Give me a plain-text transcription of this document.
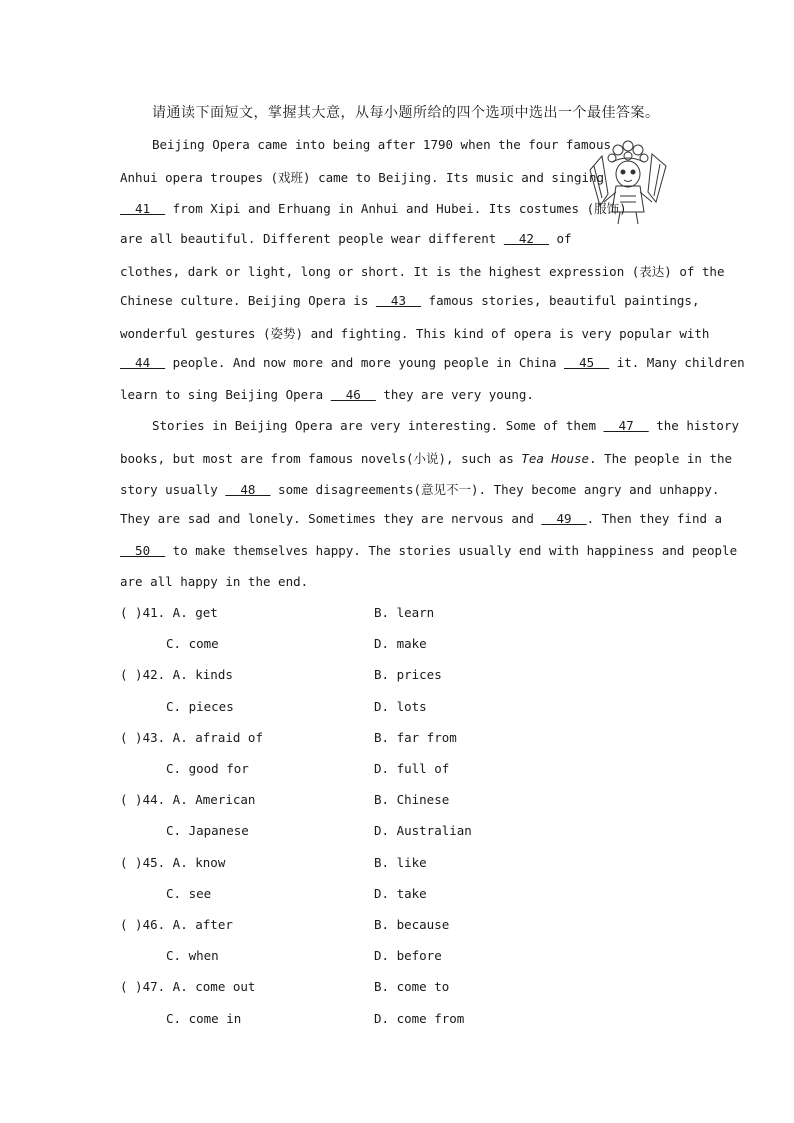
请通读下面短文，掌握其大意，从每小题所给的四个选项中选出一个最佳答案。
Beijing Opera came into being after 1790 when the four famous
Anhui opera troupes (戏班) came to Beijing. Its music and singing
41   from Xipi and Erhuang in Anhui and Hubei. Its costumes (服饰)
are all beautiful. Different people wear different   42   of
clothes, dark or light, long or short. It is the highest expression (表达) of the
Chinese culture. Beijing Opera is   43   famous stories, beautiful paintings,
wonderful gestures (姿势) and fighting. This kind of opera is very popular with
44   people. And now more and more young people in China   45   it. Many children
learn to sing Beijing Opera   46   they are very young.
Stories in Beijing Opera are very interesting. Some of them   47   the history
books, but most are from famous novels(小说), such as Tea House. The people in the
story usually   48   some disagreements(意见不一). They become angry and unhappy.
They are sad and lonely. Sometimes they are nervous and   49  . Then they find a
50   to make themselves happy. The stories usually end with happiness and people
are all happy in the end.
( )41. A. get	B. learn
C. come	D. make
( )42. A. kinds	B. prices
C. pieces	D. lots
( )43. A. afraid of	B. far from
C. good for	D. full of
( )44. A. American	B. Chinese
C. Japanese	D. Australian
( )45. A. know	B. like
C. see	D. take
( )46. A. after	B. because
C. when	D. before
( )47. A. come out	B. come to
C. come in	D. come from
